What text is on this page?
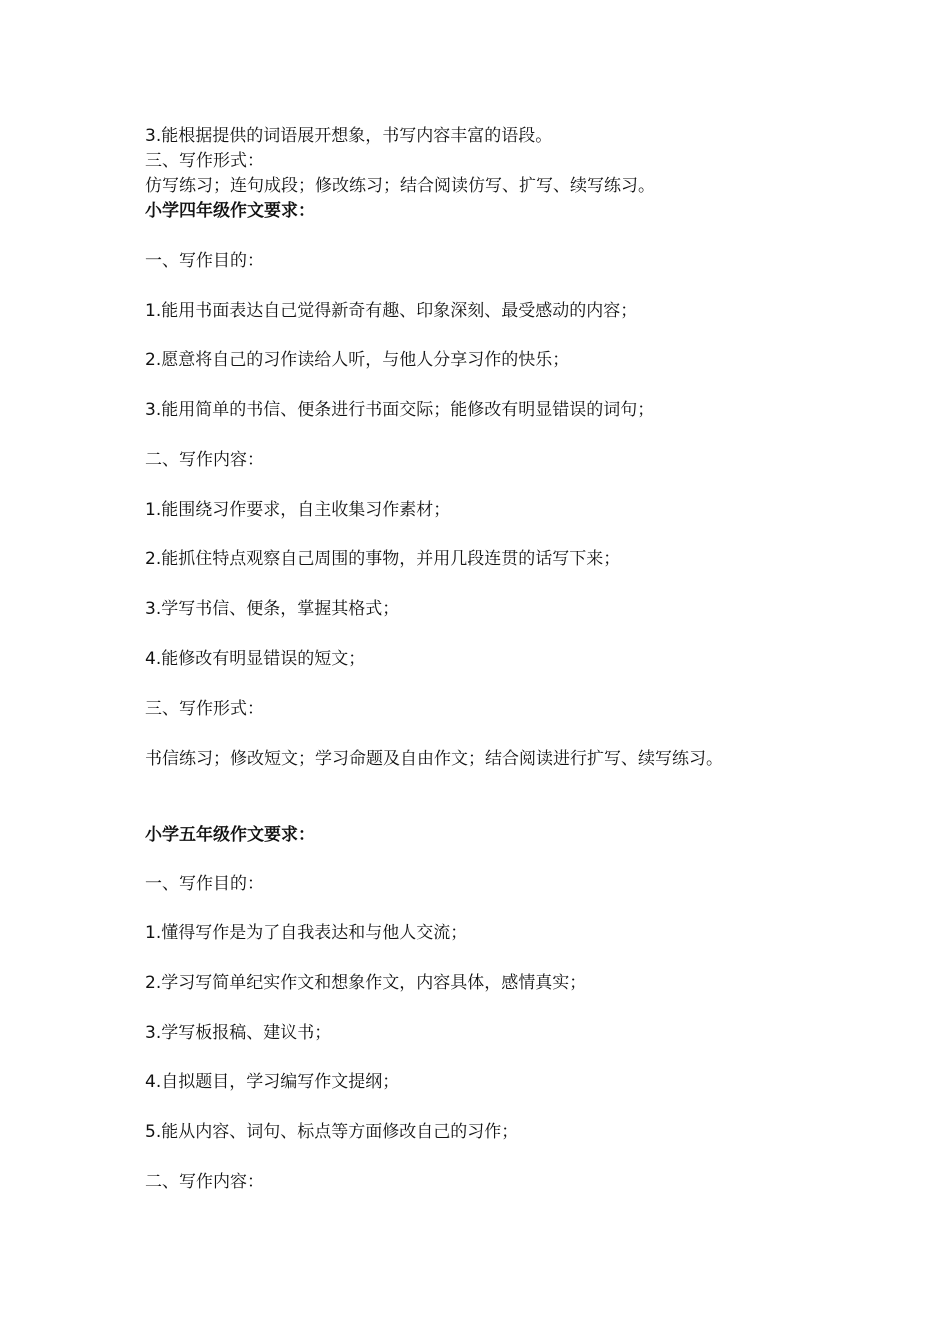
3.能根据提供的词语展开想象，书写内容丰富的语段。
三、写作形式：
仿写练习；连句成段；修改练习；结合阅读仿写、扩写、续写练习。
小学四年级作文要求：
一、写作目的：
1.能用书面表达自己觉得新奇有趣、印象深刻、最受感动的内容；
2.愿意将自己的习作读给人听，与他人分享习作的快乐；
3.能用简单的书信、便条进行书面交际；能修改有明显错误的词句；
二、写作内容：
1.能围绕习作要求，自主收集习作素材；
2.能抓住特点观察自己周围的事物，并用几段连贯的话写下来；
3.学写书信、便条，掌握其格式；
4.能修改有明显错误的短文；
三、写作形式：
书信练习；修改短文；学习命题及自由作文；结合阅读进行扩写、续写练习。
小学五年级作文要求：
一、写作目的：
1.懂得写作是为了自我表达和与他人交流；
2.学习写简单纪实作文和想象作文，内容具体，感情真实；
3.学写板报稿、建议书；
4.自拟题目，学习编写作文提纲；
5.能从内容、词句、标点等方面修改自己的习作；
二、写作内容：
